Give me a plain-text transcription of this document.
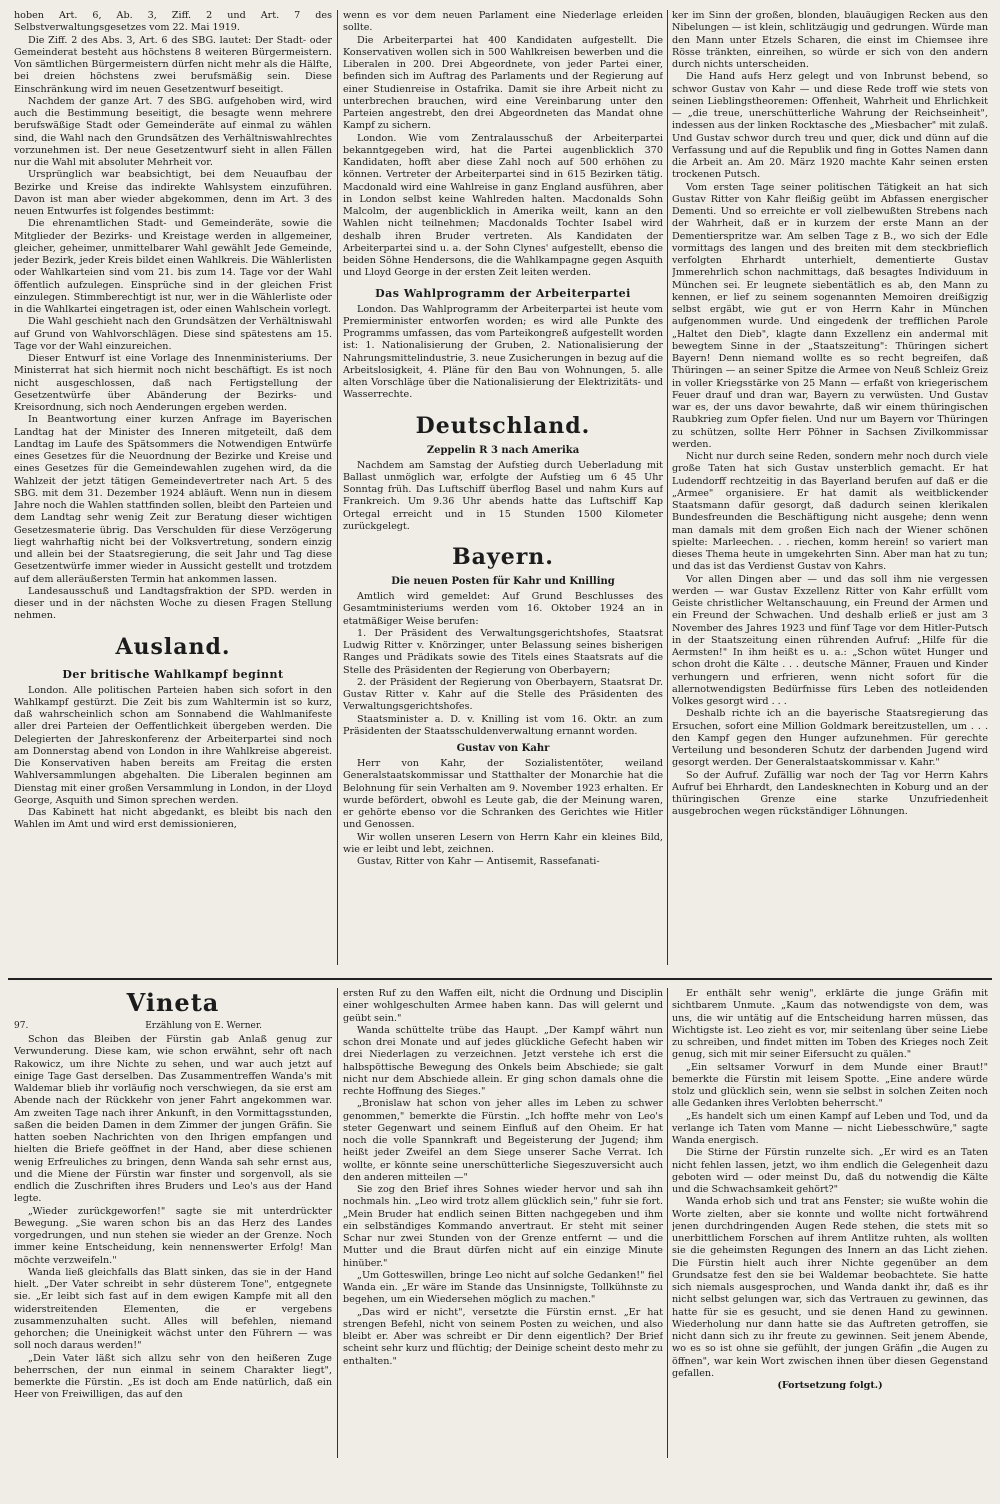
hoben Art. 6, Ab. 3, Ziff. 2 und Art. 7 des Selbstverwaltungsgesetzes vom 22. Mai 1919.

Die Ziff. 2 des Abs. 3, Art. 6 des SBG. lautet: Der Stadt- oder Gemeinderat besteht aus höchstens 8 weiteren Bürgermeistern. Von sämtlichen Bürgermeistern dürfen nicht mehr als die Hälfte, bei dreien höchstens zwei berufsmäßig sein. Diese Einschränkung wird im neuen Gesetzentwurf beseitigt.

Nachdem der ganze Art. 7 des SBG. aufgehoben wird, wird auch die Bestimmung beseitigt, die besagte wenn mehrere berufswäßige Stadt oder Gemeinderäte auf einmal zu wählen sind, die Wahl nach den Grundsätzen des Verhältniswahlrechtes vorzunehmen ist. Der neue Gesetzentwurf sieht in allen Fällen nur die Wahl mit absoluter Mehrheit vor.

Ursprünglich war beabsichtigt, bei dem Neuaufbau der Bezirke und Kreise das indirekte Wahlsystem einzuführen. Davon ist man aber wieder abgekommen, denn im Art. 3 des neuen Entwurfes ist folgendes bestimmt:

Die ehrenamtlichen Stadt- und Gemeinderäte, sowie die Mitglieder der Bezirks- und Kreistage werden in allgemeiner, gleicher, geheimer, unmittelbarer Wahl gewählt Jede Gemeinde, jeder Bezirk, jeder Kreis bildet einen Wahlkreis. Die Wählerlisten oder Wahlkarteien sind vom 21. bis zum 14. Tage vor der Wahl öffentlich aufzulegen. Einsprüche sind in der gleichen Frist einzulegen. Stimmberechtigt ist nur, wer in die Wählerliste oder in die Wahlkartei eingetragen ist, oder einen Wahlschein vorlegt.

Die Wahl geschieht nach den Grundsätzen der Verhältniswahl auf Grund von Wahlvorschlägen. Diese sind spätestens am 15. Tage vor der Wahl einzureichen.

Dieser Entwurf ist eine Vorlage des Innenministeriums. Der Ministerrat hat sich hiermit noch nicht beschäftigt. Es ist noch nicht ausgeschlossen, daß nach Fertigstellung der Gesetzentwürfe über Abänderung der Bezirks- und Kreisordnung, sich noch Aenderungen ergeben werden.

In Beantwortung einer kurzen Anfrage im Bayerischen Landtag hat der Minister des Inneren mitgeteilt, daß dem Landtag im Laufe des Spätsommers die Notwendigen Entwürfe eines Gesetzes für die Neuordnung der Bezirke und Kreise und eines Gesetzes für die Gemeindewahlen zugehen wird, da die Wahlzeit der jetzt tätigen Gemeindevertreter nach Art. 5 des SBG. mit dem 31. Dezember 1924 abläuft. Wenn nun in diesem Jahre noch die Wahlen stattfinden sollen, bleibt den Parteien und dem Landtag sehr wenig Zeit zur Beratung dieser wichtigen Gesetzesmaterie übrig. Das Verschulden für diese Verzögerung liegt wahrhaftig nicht bei der Volksvertretung, sondern einzig und allein bei der Staatsregierung, die seit Jahr und Tag diese Gesetzentwürfe immer wieder in Aussicht gestellt und trotzdem auf dem alleräußersten Termin hat ankommen lassen.

Landesausschuß und Landtagsfraktion der SPD. werden in dieser und in der nächsten Woche zu diesen Fragen Stellung nehmen.

Ausland.
Der britische Wahlkampf beginnt

London. Alle politischen Parteien haben sich sofort in den Wahlkampf gestürzt. Die Zeit bis zum Wahltermin ist so kurz, daß wahrscheinlich schon am Sonnabend die Wahlmanifeste aller drei Parteien der Oeffentlichkeit übergeben werden. Die Delegierten der Jahreskonferenz der Arbeiterpartei sind noch am Donnerstag abend von London in ihre Wahlkreise abgereist. Die Konservativen haben bereits am Freitag die ersten Wahlversammlungen abgehalten. Die Liberalen beginnen am Dienstag mit einer großen Versammlung in London, in der Lloyd George, Asquith und Simon sprechen werden.

Das Kabinett hat nicht abgedankt, es bleibt bis nach den Wahlen im Amt und wird erst demissionieren,

wenn es vor dem neuen Parlament eine Niederlage erleiden sollte.

Die Arbeiterpartei hat 400 Kandidaten aufgestellt. Die Konservativen wollen sich in 500 Wahlkreisen bewerben und die Liberalen in 200. Drei Abgeordnete, von jeder Partei einer, befinden sich im Auftrag des Parlaments und der Regierung auf einer Studienreise in Ostafrika. Damit sie ihre Arbeit nicht zu unterbrechen brauchen, wird eine Vereinbarung unter den Parteien angestrebt, den drei Abgeordneten das Mandat ohne Kampf zu sichern.

London. Wie vom Zentralausschuß der Arbeiterpartei bekanntgegeben wird, hat die Partei augenblicklich 370 Kandidaten, hofft aber diese Zahl noch auf 500 erhöhen zu können. Vertreter der Arbeiterpartei sind in 615 Bezirken tätig. Macdonald wird eine Wahlreise in ganz England ausführen, aber in London selbst keine Wahlreden halten. Macdonalds Sohn Malcolm, der augenblicklich in Amerika weilt, kann an den Wahlen nicht teilnehmen; Macdonalds Tochter Isabel wird deshalb ihren Bruder vertreten. Als Kandidaten der Arbeiterpartei sind u. a. der Sohn Clynes' aufgestellt, ebenso die beiden Söhne Hendersons, die die Wahlkampagne gegen Asquith und Lloyd George in der ersten Zeit leiten werden.

Das Wahlprogramm der Arbeiterpartei

London. Das Wahlprogramm der Arbeiterpartei ist heute vom Premierminister entworfen worden; es wird alle Punkte des Programms umfassen, das vom Parteikongreß aufgestellt worden ist: 1. Nationalisierung der Gruben, 2. Nationalisierung der Nahrungsmittelindustrie, 3. neue Zusicherungen in bezug auf die Arbeitslosigkeit, 4. Pläne für den Bau von Wohnungen, 5. alle alten Vorschläge über die Nationalisierung der Elektrizitäts- und Wasserrechte.

Deutschland.
Zeppelin R 3 nach Amerika

Nachdem am Samstag der Aufstieg durch Ueberladung mit Ballast unmöglich war, erfolgte der Aufstieg um 6 45 Uhr Sonntag früh. Das Luftschiff überflog Basel und nahm Kurs auf Frankreich. Um 9.36 Uhr abends hatte das Luftschiff Kap Ortegal erreicht und in 15 Stunden 1500 Kilometer zurückgelegt.

Bayern.
Die neuen Posten für Kahr und Knilling

Amtlich wird gemeldet: Auf Grund Beschlusses des Gesamtministeriums werden vom 16. Oktober 1924 an in etatmäßiger Weise berufen:

1. Der Präsident des Verwaltungsgerichtshofes, Staatsrat Ludwig Ritter v. Knörzinger, unter Belassung seines bisherigen Ranges und Prädikats sowie des Titels eines Staatsrats auf die Stelle des Präsidenten der Regierung von Oberbayern;

2. der Präsident der Regierung von Oberbayern, Staatsrat Dr. Gustav Ritter v. Kahr auf die Stelle des Präsidenten des Verwaltungsgerichtshofes.

Staatsminister a. D. v. Knilling ist vom 16. Oktr. an zum Präsidenten der Staatsschuldenverwaltung ernannt worden.

Gustav von Kahr

Herr von Kahr, der Sozialistentöter, weiland Generalstaatskommissar und Statthalter der Monarchie hat die Belohnung für sein Verhalten am 9. November 1923 erhalten. Er wurde befördert, obwohl es Leute gab, die der Meinung waren, er gehörte ebenso vor die Schranken des Gerichtes wie Hitler und Genossen.

Wir wollen unseren Lesern von Herrn Kahr ein kleines Bild, wie er leibt und lebt, zeichnen.

Gustav, Ritter von Kahr — Antisemit, Rassefanati-

ker im Sinn der großen, blonden, blauäugigen Recken aus den Nibelungen — ist klein, schlitzäugig und gedrungen. Würde man den Mann unter Etzels Scharen, die einst im Chiemsee ihre Rösse tränkten, einreihen, so würde er sich von den andern durch nichts unterscheiden.

Die Hand aufs Herz gelegt und von Inbrunst bebend, so schwor Gustav von Kahr — und diese Rede troff wie stets von seinen Lieblingstheoremen: Offenheit, Wahrheit und Ehrlichkeit — „die treue, unerschütterliche Wahrung der Reichseinheit", indessen aus der linken Rocktasche des „Miesbacher" mit zulaß. Und Gustav schwor durch treu und quer, dick und dünn auf die Verfassung und auf die Republik und fing in Gottes Namen dann die Arbeit an. Am 20. März 1920 machte Kahr seinen ersten trockenen Putsch.

Vom ersten Tage seiner politischen Tätigkeit an hat sich Gustav Ritter von Kahr fleißig geübt im Abfassen energischer Dementi. Und so erreichte er voll zielbewußten Strebens nach der Wahrheit, daß er in kurzem der erste Mann an der Dementierspritze war. Am selben Tage z B., wo sich der Edle vormittags des langen und des breiten mit dem steckbrieflich verfolgten Ehrhardt unterhielt, dementierte Gustav Jmmerehrlich schon nachmittags, daß besagtes Individuum in München sei. Er leugnete siebentätlich es ab, den Mann zu kennen, er lief zu seinem sogenannten Memoiren dreißigzig selbst ergäbt, wie gut er von Herrn Kahr in München aufgenommen wurde. Und eingedenk der trefflichen Parole „Haltet den Dieb", klagte dann Exzellenz ein andermal mit bewegtem Sinne in der „Staatszeitung": Thüringen sichert Bayern! Denn niemand wollte es so recht begreifen, daß Thüringen — an seiner Spitze die Armee von Neuß Schleiz Greiz in voller Kriegsstärke von 25 Mann — erfaßt von kriegerischem Feuer drauf und dran war, Bayern zu verwüsten. Und Gustav war es, der uns davor bewahrte, daß wir einem thüringischen Raubkrieg zum Opfer fielen. Und nur um Bayern vor Thüringen zu schützen, sollte Herr Pöhner in Sachsen Zivilkommissar werden.

Nicht nur durch seine Reden, sondern mehr noch durch viele große Taten hat sich Gustav unsterblich gemacht. Er hat Ludendorff rechtzeitig in das Bayerland berufen auf daß er die „Armee" organisiere. Er hat damit als weitblickender Staatsmann dafür gesorgt, daß dadurch seinen klerikalen Bundesfreunden die Beschäftigung nicht ausgehe; denn wenn man damals mit dem großen Eich nach der Wiener schönen spielte: Marleechen. . . riechen, komm herein! so variert man dieses Thema heute in umgekehrten Sinn. Aber man hat zu tun; und das ist das Verdienst Gustav von Kahrs.

Vor allen Dingen aber — und das soll ihm nie vergessen werden — war Gustav Exzellenz Ritter von Kahr erfüllt vom Geiste christlicher Weltanschauung, ein Freund der Armen und ein Freund der Schwachen. Und deshalb erließ er just am 3 November des Jahres 1923 und fünf Tage vor dem Hitler-Putsch in der Staatszeitung einen rührenden Aufruf: „Hilfe für die Aermsten!" In ihm heißt es u. a.: „Schon wütet Hunger und schon droht die Kälte . . . deutsche Männer, Frauen und Kinder verhungern und erfrieren, wenn nicht sofort für die allernotwendigsten Bedürfnisse fürs Leben des notleidenden Volkes gesorgt wird . . .

Deshalb richte ich an die bayerische Staatsregierung das Ersuchen, sofort eine Million Goldmark bereitzustellen, um . . . den Kampf gegen den Hunger aufzunehmen. Für gerechte Verteilung und besonderen Schutz der darbenden Jugend wird gesorgt werden. Der Generalstaatskommissar v. Kahr."

So der Aufruf. Zufällig war noch der Tag vor Herrn Kahrs Aufruf bei Ehrhardt, den Landesknechten in Koburg und an der thüringischen Grenze eine starke Unzufriedenheit ausgebrochen wegen rückständiger Löhnungen.

Vineta
97.	Erzählung von E. Werner.

Schon das Bleiben der Fürstin gab Anlaß genug zur Verwunderung. Diese kam, wie schon erwähnt, sehr oft nach Rakowicz, um ihre Nichte zu sehen, und war auch jetzt auf einige Tage Gast derselben. Das Zusammentreffen Wanda's mit Waldemar blieb ihr vorläufig noch verschwiegen, da sie erst am Abende nach der Rückkehr von jener Fahrt angekommen war. Am zweiten Tage nach ihrer Ankunft, in den Vormittagsstunden, saßen die beiden Damen in dem Zimmer der jungen Gräfin. Sie hatten soeben Nachrichten von den Ihrigen empfangen und hielten die Briefe geöffnet in der Hand, aber diese schienen wenig Erfreuliches zu bringen, denn Wanda sah sehr ernst aus, und die Miene der Fürstin war finster und sorgenvoll, als sie endlich die Zuschriften ihres Bruders und Leo's aus der Hand legte.

„Wieder zurückgeworfen!" sagte sie mit unterdrückter Bewegung. „Sie waren schon bis an das Herz des Landes vorgedrungen, und nun stehen sie wieder an der Grenze. Noch immer keine Entscheidung, kein nennenswerter Erfolg! Man möchte verzweifeln."

Wanda ließ gleichfalls das Blatt sinken, das sie in der Hand hielt. „Der Vater schreibt in sehr düsterem Tone", entgegnete sie. „Er leibt sich fast auf in dem ewigen Kampfe mit all den widerstreitenden Elementen, die er vergebens zusammenzuhalten sucht. Alles will befehlen, niemand gehorchen; die Uneinigkeit wächst unter den Führern — was soll noch daraus werden!"

„Dein Vater läßt sich allzu sehr von den heißeren Zuge beherrschen, der nun einmal in seinem Charakter liegt", bemerkte die Fürstin. „Es ist doch am Ende natürlich, daß ein Heer von Freiwilligen, das auf den

ersten Ruf zu den Waffen eilt, nicht die Ordnung und Disciplin einer wohlgeschulten Armee haben kann. Das will gelernt und geübt sein."

Wanda schüttelte trübe das Haupt. „Der Kampf währt nun schon drei Monate und auf jedes glückliche Gefecht haben wir drei Niederlagen zu verzeichnen. Jetzt verstehe ich erst die halbspöttische Bewegung des Onkels beim Abschiede; sie galt nicht nur dem Abschiede allein. Er ging schon damals ohne die rechte Hoffnung des Sieges."

„Bronislaw hat schon von jeher alles im Leben zu schwer genommen," bemerkte die Fürstin. „Ich hoffte mehr von Leo's steter Gegenwart und seinem Einfluß auf den Oheim. Er hat noch die volle Spannkraft und Begeisterung der Jugend; ihm heißt jeder Zweifel an dem Siege unserer Sache Verrat. Ich wollte, er könnte seine unerschütterliche Siegeszuversicht auch den anderen mitteilen —"

Sie zog den Brief ihres Sohnes wieder hervor und sah ihn nochmals hin. „Leo wird trotz allem glücklich sein," fuhr sie fort. „Mein Bruder hat endlich seinen Bitten nachgegeben und ihm ein selbständiges Kommando anvertraut. Er steht mit seiner Schar nur zwei Stunden von der Grenze entfernt — und die Mutter und die Braut dürfen nicht auf ein einzige Minute hinüber."

„Um Gotteswillen, bringe Leo nicht auf solche Gedanken!" fiel Wanda ein. „Er wäre im Stande das Unsinnigste, Tollkühnste zu begehen, um ein Wiedersehen möglich zu machen."

„Das wird er nicht", versetzte die Fürstin ernst. „Er hat strengen Befehl, nicht von seinem Posten zu weichen, und also bleibt er. Aber was schreibt er Dir denn eigentlich? Der Brief scheint sehr kurz und flüchtig; der Deinige scheint desto mehr zu enthalten."

Er enthält sehr wenig", erklärte die junge Gräfin mit sichtbarem Unmute. „Kaum das notwendigste von dem, was uns, die wir untätig auf die Entscheidung harren müssen, das Wichtigste ist. Leo zieht es vor, mir seitenlang über seine Liebe zu schreiben, und findet mitten im Toben des Krieges noch Zeit genug, sich mit mir seiner Eifersucht zu quälen."

„Ein seltsamer Vorwurf in dem Munde einer Braut!" bemerkte die Fürstin mit leisem Spotte. „Eine andere würde stolz und glücklich sein, wenn sie selbst in solchen Zeiten noch alle Gedanken ihres Verlobten beherrscht."

„Es handelt sich um einen Kampf auf Leben und Tod, und da verlange ich Taten vom Manne — nicht Liebesschwüre," sagte Wanda energisch.

Die Stirne der Fürstin runzelte sich. „Er wird es an Taten nicht fehlen lassen, jetzt, wo ihm endlich die Gelegenheit dazu geboten wird — oder meinst Du, daß du notwendig die Kälte und die Schwachsamkeit gehört?"

Wanda erhob sich und trat ans Fenster; sie wußte wohin die Worte zielten, aber sie konnte und wollte nicht fortwährend jenen durchdringenden Augen Rede stehen, die stets mit so unerbittlichem Forschen auf ihrem Antlitze ruhten, als wollten sie die geheimsten Regungen des Innern an das Licht ziehen. Die Fürstin hielt auch ihrer Nichte gegenüber an dem Grundsatze fest den sie bei Waldemar beobachtete. Sie hatte sich niemals ausgesprochen, und Wanda dankt ihr, daß es ihr nicht selbst gelungen war, sich das Vertrauen zu gewinnen, das hatte für sie es gesucht, und sie denen Hand zu gewinnen. Wiederholung nur dann hatte sie das Auftreten getroffen, sie nicht dann sich zu ihr freute zu gewinnen. Seit jenem Abende, wo es so ist ohne sie gefühlt, der jungen Gräfin „die Augen zu öffnen", war kein Wort zwischen ihnen über diesen Gegenstand gefallen.

(Fortsetzung folgt.)
